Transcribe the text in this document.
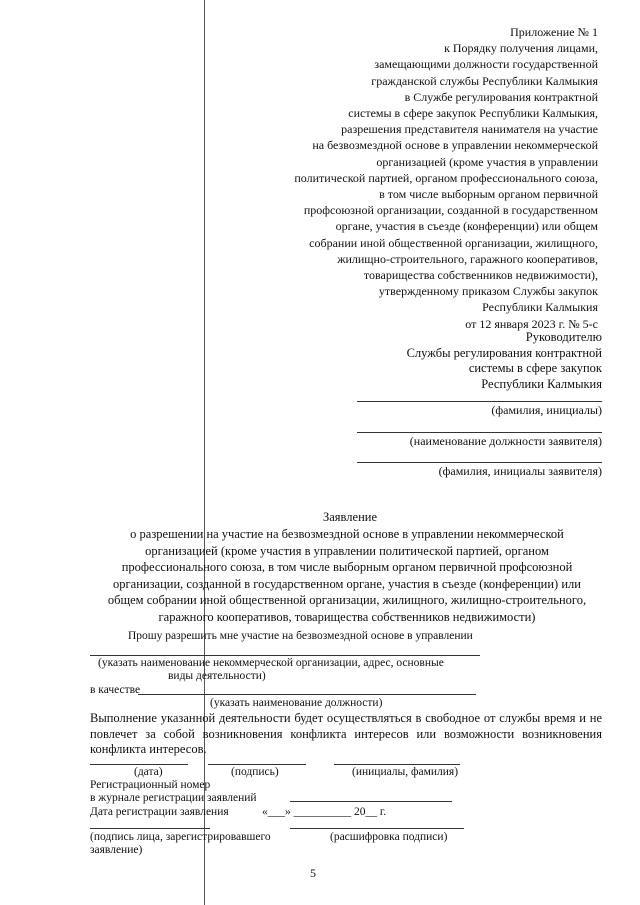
Приложение № 1
к Порядку получения лицами,
замещающими должности государственной
гражданской службы Республики Калмыкия
в Службе регулирования контрактной
системы в сфере закупок Республики Калмыкия,
разрешения представителя нанимателя на участие
на безвозмездной основе в управлении некоммерческой
организацией (кроме участия в управлении
политической партией, органом профессионального союза,
в том числе выборным органом первичной
профсоюзной организации, созданной в государственном
органе, участия в съезде (конференции) или общем
собрании иной общественной организации, жилищного,
жилищно-строительного, гаражного кооперативов,
товарищества собственников недвижимости),
утвержденному приказом Службы закупок
Республики Калмыкия
от 12 января 2023 г. № 5-с
Руководителю
Службы регулирования контрактной
системы в сфере закупок
Республики Калмыкия
(фамилия, инициалы)
(наименование должности заявителя)
(фамилия, инициалы заявителя)
Заявление
о разрешении на участие на безвозмездной основе в управлении некоммерческой
организацией (кроме участия в управлении политической партией, органом
профессионального союза, в том числе выборным органом первичной профсоюзной
организации, созданной в государственном органе, участия в съезде (конференции) или
общем собрании иной общественной организации, жилищного, жилищно-строительного,
гаражного кооперативов, товарищества собственников недвижимости)
Прошу разрешить мне участие на безвозмездной основе в управлении
(указать наименование некоммерческой организации, адрес, основные
виды деятельности)
в качестве
(указать наименование должности)
Выполнение указанной деятельности будет осуществляться в свободное от службы время и не повлечет за собой возникновения конфликта интересов или возможности возникновения конфликта интересов.
(дата)	(подпись)	(инициалы, фамилия)
Регистрационный номер
в журнале регистрации заявлений
Дата регистрации заявления	«___» __________ 20__ г.
(подпись лица, зарегистрировавшего
заявление)
(расшифровка подписи)
5
